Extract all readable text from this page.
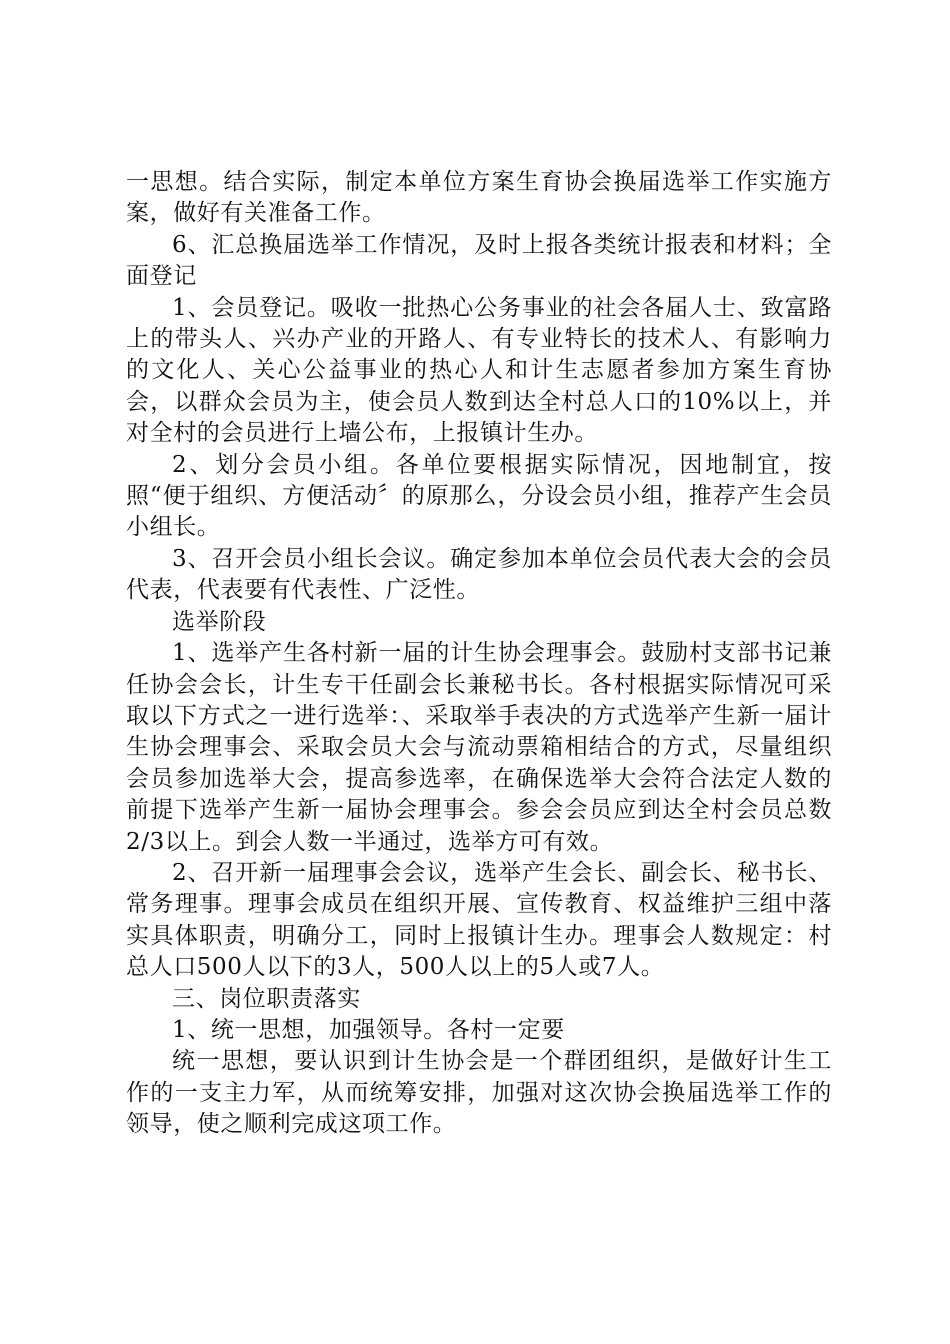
一思想。结合实际，制定本单位方案生育协会换届选举工作实施方案，做好有关准备工作。

6、汇总换届选举工作情况，及时上报各类统计报表和材料；全面登记

1、会员登记。吸收一批热心公务事业的社会各届人士、致富路上的带头人、兴办产业的开路人、有专业特长的技术人、有影响力的文化人、关心公益事业的热心人和计生志愿者参加方案生育协会，以群众会员为主，使会员人数到达全村总人口的10%以上，并对全村的会员进行上墙公布，上报镇计生办。

2、划分会员小组。各单位要根据实际情况，因地制宜，按照“便于组织、方便活动〞的原那么，分设会员小组，推荐产生会员小组长。

3、召开会员小组长会议。确定参加本单位会员代表大会的会员代表，代表要有代表性、广泛性。

选举阶段

1、选举产生各村新一届的计生协会理事会。鼓励村支部书记兼任协会会长，计生专干任副会长兼秘书长。各村根据实际情况可采取以下方式之一进行选举：、采取举手表决的方式选举产生新一届计生协会理事会、采取会员大会与流动票箱相结合的方式，尽量组织会员参加选举大会，提高参选率，在确保选举大会符合法定人数的前提下选举产生新一届协会理事会。参会会员应到达全村会员总数2/3以上。到会人数一半通过，选举方可有效。

2、召开新一届理事会会议，选举产生会长、副会长、秘书长、常务理事。理事会成员在组织开展、宣传教育、权益维护三组中落实具体职责，明确分工，同时上报镇计生办。理事会人数规定：村总人口500人以下的3人，500人以上的5人或7人。

三、岗位职责落实

1、统一思想，加强领导。各村一定要

统一思想，要认识到计生协会是一个群团组织，是做好计生工作的一支主力军，从而统筹安排，加强对这次协会换届选举工作的领导，使之顺利完成这项工作。
